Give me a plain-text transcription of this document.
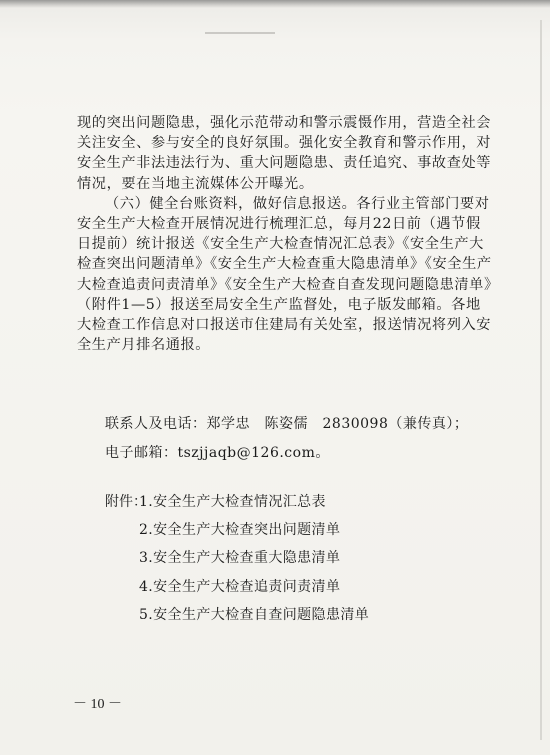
现的突出问题隐患，强化示范带动和警示震慑作用，营造全社会
关注安全、参与安全的良好氛围。强化安全教育和警示作用，对
安全生产非法违法行为、重大问题隐患、责任追究、事故查处等
情况，要在当地主流媒体公开曝光。
（六）健全台账资料，做好信息报送。各行业主管部门要对
安全生产大检查开展情况进行梳理汇总，每月22日前（遇节假
日提前）统计报送《安全生产大检查情况汇总表》《安全生产大
检查突出问题清单》《安全生产大检查重大隐患清单》《安全生产
大检查追责问责清单》《安全生产大检查自查发现问题隐患清单》
（附件1—5）报送至局安全生产监督处，电子版发邮箱。各地
大检查工作信息对口报送市住建局有关处室，报送情况将列入安
全生产月排名通报。
联系人及电话：郑学忠　陈姿儒　2830098（兼传真）；
电子邮箱：tszjjaqb@126.com。
附件：
1.安全生产大检查情况汇总表
2.安全生产大检查突出问题清单
3.安全生产大检查重大隐患清单
4.安全生产大检查追责问责清单
5.安全生产大检查自查问题隐患清单
－ 10 －
